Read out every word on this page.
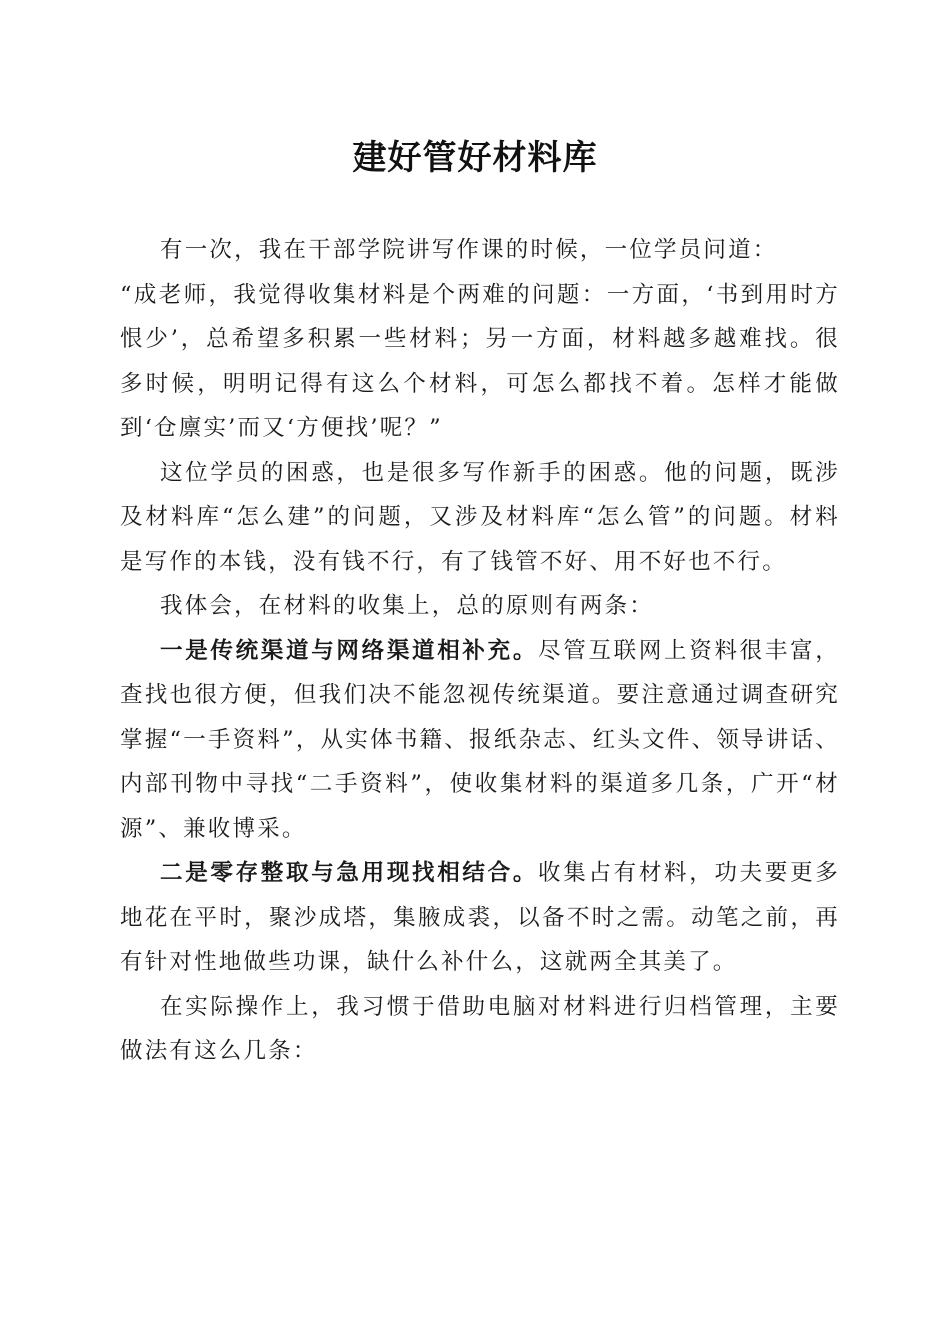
建好管好材料库

有一次，我在干部学院讲写作课的时候，一位学员问道：

“成老师，我觉得收集材料是个两难的问题：一方面，‘书到用时方恨少’，总希望多积累一些材料；另一方面，材料越多越难找。很多时候，明明记得有这么个材料，可怎么都找不着。怎样才能做到‘仓廪实’而又‘方便找’呢？”

这位学员的困惑，也是很多写作新手的困惑。他的问题，既涉及材料库“怎么建”的问题，又涉及材料库“怎么管”的问题。材料是写作的本钱，没有钱不行，有了钱管不好、用不好也不行。

我体会，在材料的收集上，总的原则有两条：

一是传统渠道与网络渠道相补充。尽管互联网上资料很丰富，查找也很方便，但我们决不能忽视传统渠道。要注意通过调查研究掌握“一手资料”，从实体书籍、报纸杂志、红头文件、领导讲话、内部刊物中寻找“二手资料”，使收集材料的渠道多几条，广开“材源”、兼收博采。

二是零存整取与急用现找相结合。收集占有材料，功夫要更多地花在平时，聚沙成塔，集腋成裘，以备不时之需。动笔之前，再有针对性地做些功课，缺什么补什么，这就两全其美了。

在实际操作上，我习惯于借助电脑对材料进行归档管理，主要做法有这么几条：
